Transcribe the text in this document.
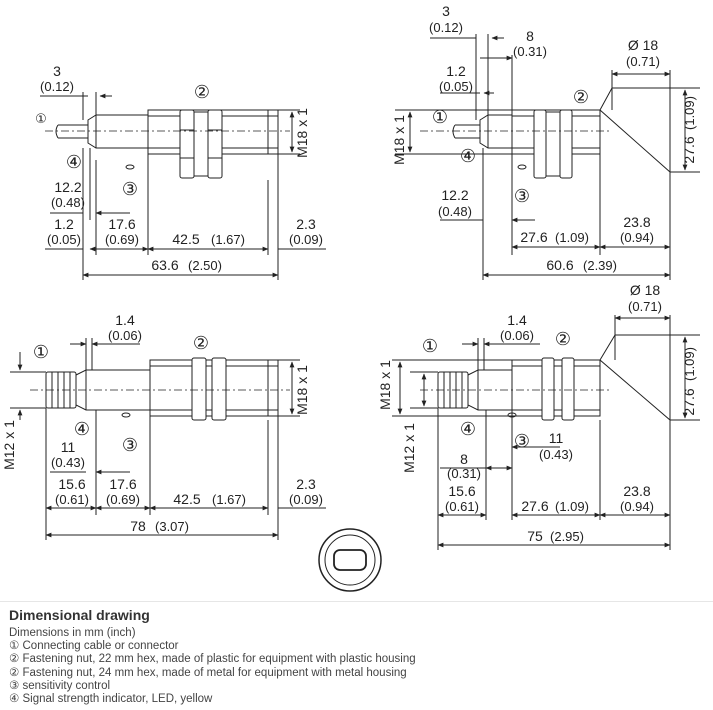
①
②
④
③
3
(0.12)
12.2
(0.48)
1.2
(0.05)
17.6
(0.69) 42.5 (1.67)
2.3
(0.09)
63.6 (2.50)
M18 x 1	①
②
④
③
3
(0.12)
8
(0.31)
1.2
(0.05)
Ø 18
(0.71)
27.6
(1.09)
12.2
(0.48)
27.6 (1.09)
23.8
(0.94)
60.6 (2.39)
M18 x 1
①	②
④
③
1.4
(0.06)
11
(0.43)
15.6
(0.61)
17.6
(0.69) 42.5 (1.67)
2.3
(0.09)
78 (3.07)
M18 x 1
M12 x 1
①	②
④
③
1.4
(0.06)
Ø 18
(0.71)
27.6
(1.09)
11
(0.43)
8
(0.31)
15.6
(0.61)	27.6 (1.09)
23.8
(0.94)
75 (2.95)
M18 x 1
M12 x 1
Dimensional drawing
Dimensions in mm (inch)
① Connecting cable or connector
② Fastening nut, 22 mm hex, made of plastic for equipment with plastic housing
② Fastening nut, 24 mm hex, made of metal for equipment with metal housing
③ sensitivity control
④ Signal strength indicator, LED, yellow
